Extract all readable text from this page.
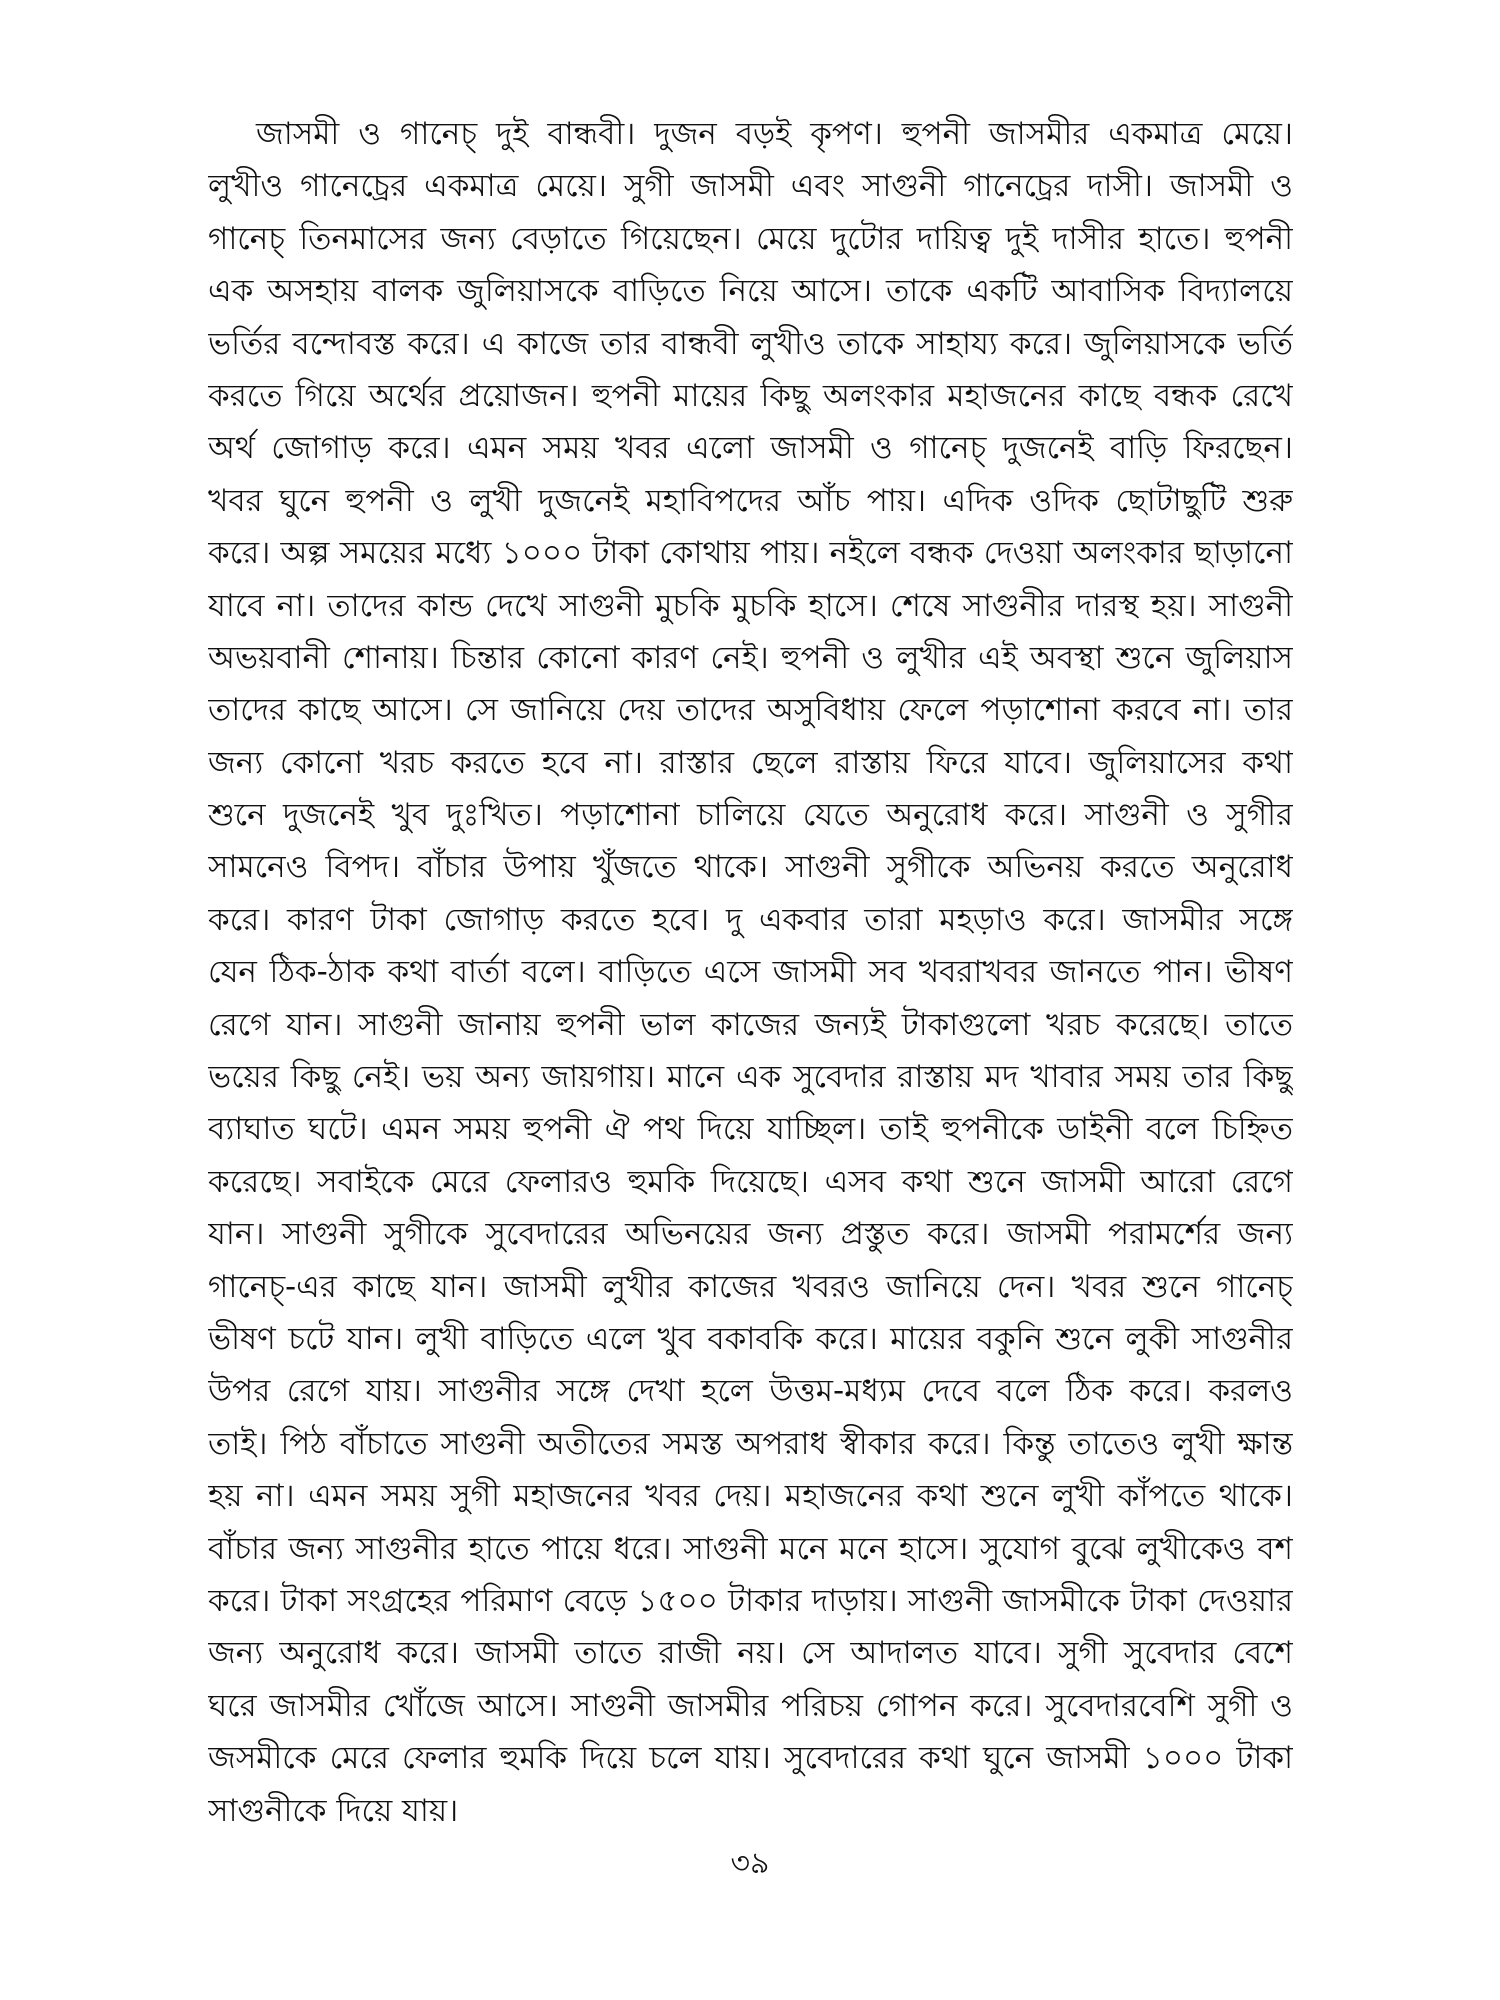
জাসমী ও গানেচ্ দুই বান্ধবী। দুজন বড়ই কৃপণ। হুপনী জাসমীর একমাত্র মেয়ে।
লুখীও গানেচ্রের একমাত্র মেয়ে। সুগী জাসমী এবং সাগুনী গানেচ্রের দাসী। জাসমী ও
গানেচ্ তিনমাসের জন্য বেড়াতে গিয়েছেন। মেয়ে দুটোর দায়িত্ব দুই দাসীর হাতে। হুপনী
এক অসহায় বালক জুলিয়াসকে বাড়িতে নিয়ে আসে। তাকে একটি আবাসিক বিদ্যালয়ে
ভর্তির বন্দোবস্ত করে। এ কাজে তার বান্ধবী লুখীও তাকে সাহায্য করে। জুলিয়াসকে ভর্তি
করতে গিয়ে অর্থের প্রয়োজন। হুপনী মায়ের কিছু অলংকার মহাজনের কাছে বন্ধক রেখে
অর্থ জোগাড় করে। এমন সময় খবর এলো জাসমী ও গানেচ্ দুজনেই বাড়ি ফিরছেন।
খবর ঘুনে হুপনী ও লুখী দুজনেই মহাবিপদের আঁচ পায়। এদিক ওদিক ছোটাছুটি শুরু
করে। অল্প সময়ের মধ্যে ১০০০ টাকা কোথায় পায়। নইলে বন্ধক দেওয়া অলংকার ছাড়ানো
যাবে না। তাদের কান্ড দেখে সাগুনী মুচকি মুচকি হাসে। শেষে সাগুনীর দারস্থ হয়। সাগুনী
অভয়বানী শোনায়। চিন্তার কোনো কারণ নেই। হুপনী ও লুখীর এই অবস্থা শুনে জুলিয়াস
তাদের কাছে আসে। সে জানিয়ে দেয় তাদের অসুবিধায় ফেলে পড়াশোনা করবে না। তার
জন্য কোনো খরচ করতে হবে না। রাস্তার ছেলে রাস্তায় ফিরে যাবে। জুলিয়াসের কথা
শুনে দুজনেই খুব দুঃখিত। পড়াশোনা চালিয়ে যেতে অনুরোধ করে। সাগুনী ও সুগীর
সামনেও বিপদ। বাঁচার উপায় খুঁজতে থাকে। সাগুনী সুগীকে অভিনয় করতে অনুরোধ
করে। কারণ টাকা জোগাড় করতে হবে। দু একবার তারা মহড়াও করে। জাসমীর সঙ্গে
যেন ঠিক-ঠাক কথা বার্তা বলে। বাড়িতে এসে জাসমী সব খবরাখবর জানতে পান। ভীষণ
রেগে যান। সাগুনী জানায় হুপনী ভাল কাজের জন্যই টাকাগুলো খরচ করেছে। তাতে
ভয়ের কিছু নেই। ভয় অন্য জায়গায়। মানে এক সুবেদার রাস্তায় মদ খাবার সময় তার কিছু
ব্যাঘাত ঘটে। এমন সময় হুপনী ঐ পথ দিয়ে যাচ্ছিল। তাই হুপনীকে ডাইনী বলে চিহ্নিত
করেছে। সবাইকে মেরে ফেলারও হুমকি দিয়েছে। এসব কথা শুনে জাসমী আরো রেগে
যান। সাগুনী সুগীকে সুবেদারের অভিনয়ের জন্য প্রস্তুত করে। জাসমী পরামর্শের জন্য
গানেচ্-এর কাছে যান। জাসমী লুখীর কাজের খবরও জানিয়ে দেন। খবর শুনে গানেচ্
ভীষণ চটে যান। লুখী বাড়িতে এলে খুব বকাবকি করে। মায়ের বকুনি শুনে লুকী সাগুনীর
উপর রেগে যায়। সাগুনীর সঙ্গে দেখা হলে উত্তম-মধ্যম দেবে বলে ঠিক করে। করলও
তাই। পিঠ বাঁচাতে সাগুনী অতীতের সমস্ত অপরাধ স্বীকার করে। কিন্তু তাতেও লুখী ক্ষান্ত
হয় না। এমন সময় সুগী মহাজনের খবর দেয়। মহাজনের কথা শুনে লুখী কাঁপতে থাকে।
বাঁচার জন্য সাগুনীর হাতে পায়ে ধরে। সাগুনী মনে মনে হাসে। সুযোগ বুঝে লুখীকেও বশ
করে। টাকা সংগ্রহের পরিমাণ বেড়ে ১৫০০ টাকার দাড়ায়। সাগুনী জাসমীকে টাকা দেওয়ার
জন্য অনুরোধ করে। জাসমী তাতে রাজী নয়। সে আদালত যাবে। সুগী সুবেদার বেশে
ঘরে জাসমীর খোঁজে আসে। সাগুনী জাসমীর পরিচয় গোপন করে। সুবেদারবেশি সুগী ও
জসমীকে মেরে ফেলার হুমকি দিয়ে চলে যায়। সুবেদারের কথা ঘুনে জাসমী ১০০০ টাকা
সাগুনীকে দিয়ে যায়।
৩৯
